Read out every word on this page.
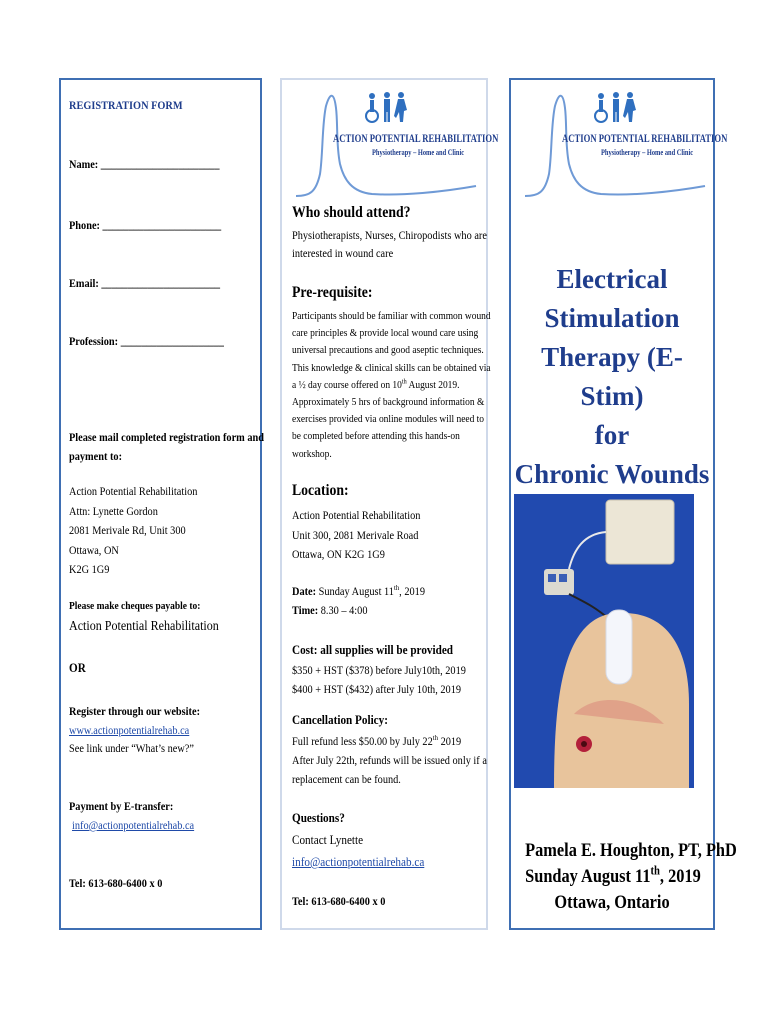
REGISTRATION FORM
Name: _______________________
Phone: _______________________
Email: _______________________
Profession: ____________________
Please mail completed registration form and
payment to:
Action Potential Rehabilitation
Attn: Lynette Gordon
2081 Merivale Rd, Unit 300
Ottawa, ON
K2G 1G9
Please make cheques payable to:
Action Potential Rehabilitation
OR
Register through our website:
www.actionpotentialrehab.ca
See link under “What’s new?”
Payment by E-transfer:
info@actionpotentialrehab.ca
Tel: 613-680-6400 x 0
ACTION POTENTIAL REHABILITATION
Physiotherapy – Home and Clinic
Who should attend?
Physiotherapists, Nurses, Chiropodists who are
interested in wound care
Pre-requisite:
Participants should be familiar with common wound
care principles & provide local wound care using
universal precautions and good aseptic techniques.
This knowledge & clinical skills can be obtained via
a ½ day course offered on 10th August 2019.
Approximately 5 hrs of background information &
exercises provided via online modules will need to
be completed before attending this hands-on
workshop.
Location:
Action Potential Rehabilitation
Unit 300, 2081 Merivale Road
Ottawa, ON K2G 1G9
Date: Sunday August 11th, 2019
Time: 8.30 – 4:00
Cost: all supplies will be provided
$350 + HST ($378) before July10th, 2019
$400 + HST ($432) after July 10th, 2019
Cancellation Policy:
Full refund less $50.00 by July 22th 2019
After July 22th, refunds will be issued only if a
replacement can be found.
Questions?
Contact Lynette
info@actionpotentialrehab.ca
Tel: 613-680-6400 x 0
ACTION POTENTIAL REHABILITATION
Physiotherapy – Home and Clinic
Electrical
Stimulation
Therapy (E-Stim)
for
Chronic Wounds
Pamela E. Houghton, PT, PhD
Sunday August 11th, 2019
Ottawa, Ontario
